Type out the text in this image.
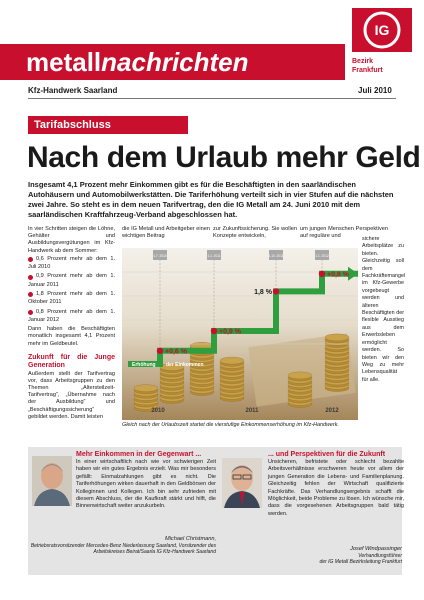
metallnachrichten
IG
Bezirk
Frankfurt
Kfz-Handwerk Saarland	Juli 2010
Tarifabschluss
Nach dem Urlaub mehr Geld
Insgesamt 4,1 Prozent mehr Einkommen gibt es für die Beschäftigten in den saarländischen Autohäusern und Automobilwerkstätten. Die Tariferhöhung verteilt sich in vier Stufen auf die nächsten zwei Jahre. So steht es in dem neuen Tarifvertrag, den die IG Metall am 24. Juni 2010 mit dem saarländischen Kraftfahrzeug-Verband abgeschlossen hat.
In vier Schritten steigen die Löhne, Gehälter und Ausbildungsvergütungen im Kfz-Handwerk ab dem Sommer:
0,6 Prozent mehr ab dem 1. Juli 2010
0,9 Prozent mehr ab dem 1. Januar 2011
1,8 Prozent mehr ab dem 1. Oktober 2011
0,8 Prozent mehr ab dem 1. Januar 2012
Dann haben die Beschäftigten monatlich insgesamt 4,1 Prozent mehr im Geldbeutel.
Zukunft für die Junge Generation
Außerdem stellt der Tarifvertrag vor, dass Arbeitsgruppen zu den Themen „Altersteilzeit-Tarifvertrag“, „Übernahme nach der Ausbildung“ und „Beschäftigungssicherung“ gebildet werden. Damit leisten
die IG Metall und Arbeitgeber einen wichtigen Beitrag
zur Zukunftssicherung. Sie wollen Konzepte entwickeln,
um jungen Menschen Perspektiven auf reguläre und	sichere Arbeitsplätze zu bieten. Gleichzeitig soll dem Fachkräftemangel im Kfz-Gewerbe vorgebeugt werden und älteren Beschäftigten der flexible Ausstieg aus dem Erwerbsleben ermöglicht werden. So bieten wir den Weg zu mehr Lebensqualität für alle.
Erhöhung der Einkommen
1.7. 2010
+0,6 %
1.1. 2011
+0,9 %
1.10. 2011
1,8 %
1.1. 2012
+0,8 %
2010	2011	2012
Gleich nach der Urlaubszeit startet die vierstufige Einkommenserhöhung im Kfz-Handwerk.
Mehr Einkommen in der Gegenwart ...
In einer wirtschaftlich nach wie vor schwierigen Zeit haben wir ein gutes Ergebnis erzielt. Was mir besonders gefällt: Einmalzahlungen gibt es nicht. Die Tariferhöhungen wirken dauerhaft in den Geldbörsen der Kolleginnen und Kollegen. Ich bin sehr zufrieden mit diesem Abschluss, der die Kaufkraft stärkt und hilft, die Binnenwirtschaft weiter anzukurbeln.
Michael Christmann,
Betriebsratsvorsitzender Mercedes-Benz Niederlassung Saarland, Vorsitzender des Arbeitskreises Beirat/Saarla IG Kfz-Handwerk Saarland
... und Perspektiven für die Zukunft
Unsicheren, befristete oder schlecht bezahlte Arbeitsverhältnisse erschweren heute vor allem der jungen Generation die Lebens- und Familienplanung. Gleichzeitig fehlen der Wirtschaft qualifizierte Fachkräfte. Das Verhandlungsergebnis schafft die Möglichkeit, beide Probleme zu lösen. Ich wünsche mir, dass die vorgesehenen Arbeitsgruppen bald tätig werden.
Josef Windpassinger
Verhandlungsführer
der IG Metall Bezirksleitung Frankfurt
